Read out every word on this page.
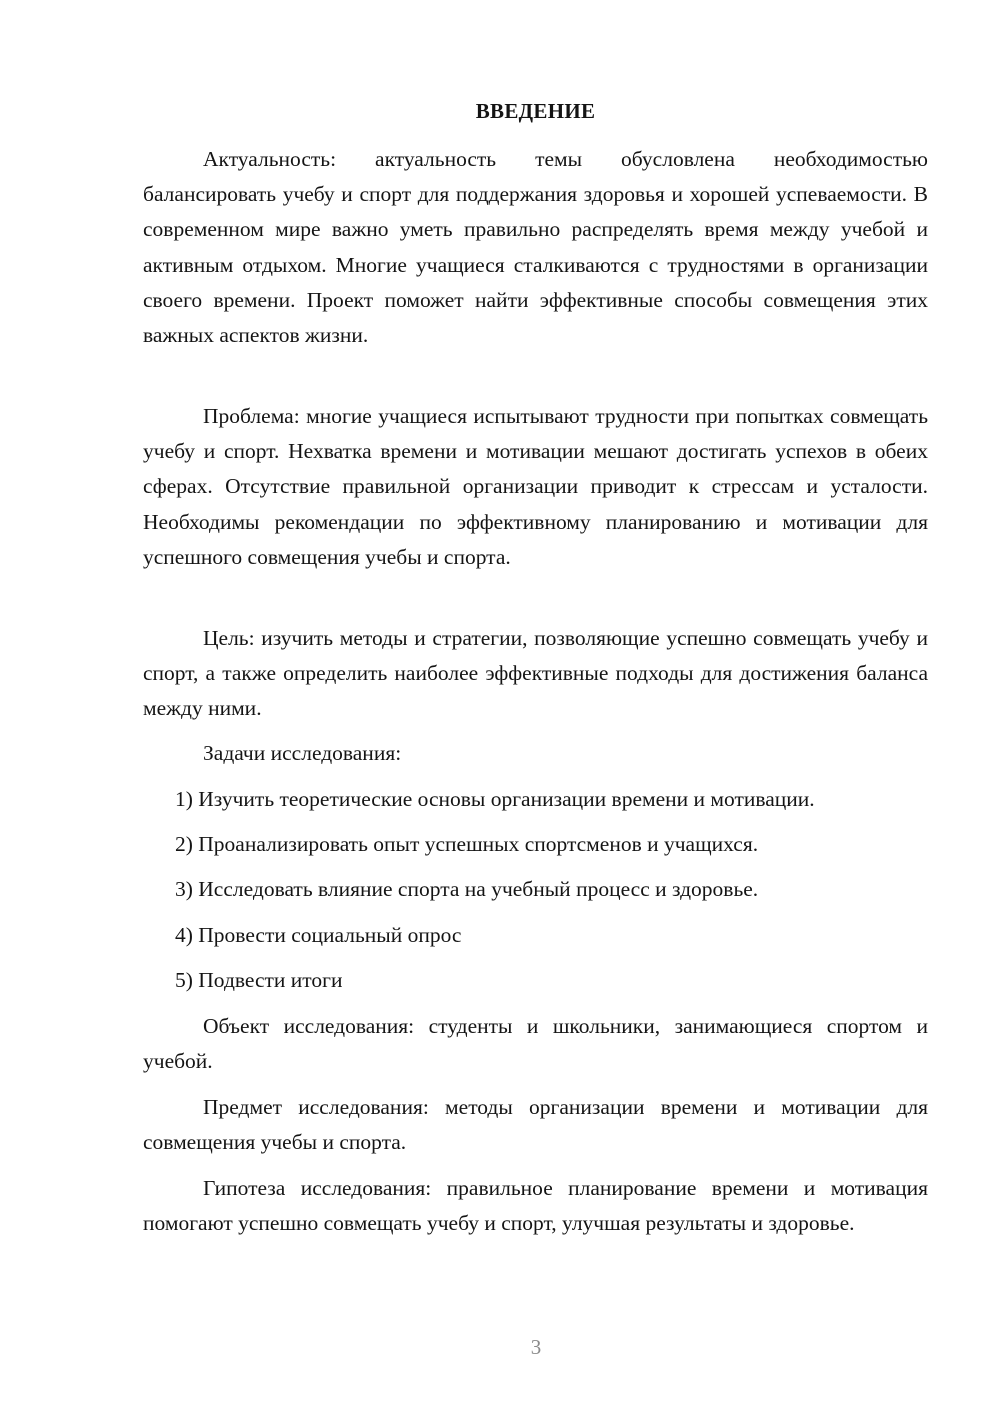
ВВЕДЕНИЕ

Актуальность: актуальность темы обусловлена необходимостью балансировать учебу и спорт для поддержания здоровья и хорошей успеваемости. В современном мире важно уметь правильно распределять время между учебой и активным отдыхом. Многие учащиеся сталкиваются с трудностями в организации своего времени. Проект поможет найти эффективные способы совмещения этих важных аспектов жизни.

Проблема: многие учащиеся испытывают трудности при попытках совмещать учебу и спорт. Нехватка времени и мотивации мешают достигать успехов в обеих сферах. Отсутствие правильной организации приводит к стрессам и усталости. Необходимы рекомендации по эффективному планированию и мотивации для успешного совмещения учебы и спорта.

Цель: изучить методы и стратегии, позволяющие успешно совмещать учебу и спорт, а также определить наиболее эффективные подходы для достижения баланса между ними.

Задачи исследования:

1) Изучить теоретические основы организации времени и мотивации.

2) Проанализировать опыт успешных спортсменов и учащихся.

3) Исследовать влияние спорта на учебный процесс и здоровье.

4) Провести социальный опрос

5) Подвести итоги

Объект исследования: студенты и школьники, занимающиеся спортом и учебой.

Предмет исследования: методы организации времени и мотивации для совмещения учебы и спорта.

Гипотеза исследования: правильное планирование времени и мотивация помогают успешно совмещать учебу и спорт, улучшая результаты и здоровье.

3
